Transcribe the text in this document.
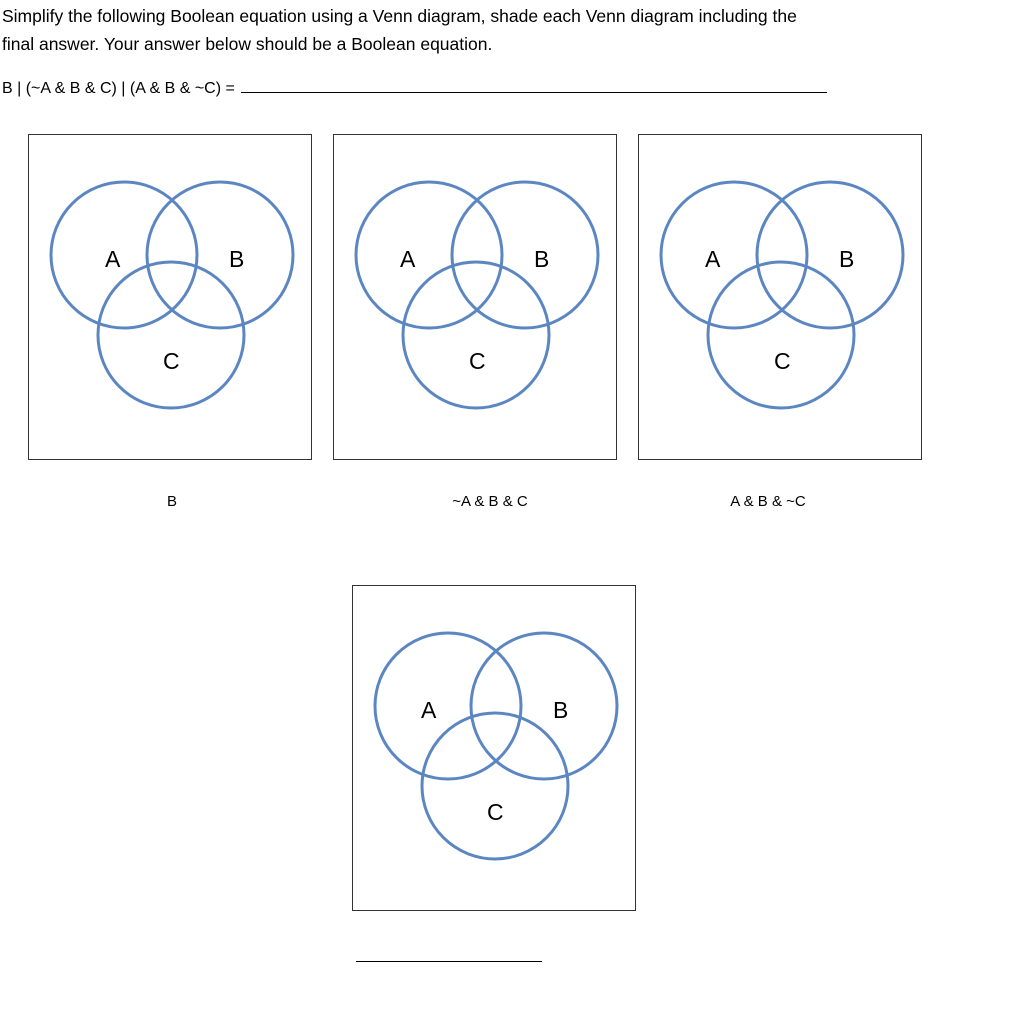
Simplify the following Boolean equation using a Venn diagram, shade each Venn diagram including the
final answer. Your answer below should be a Boolean equation.
B | (~A & B & C) | (A & B & ~C) =
A	B
C
B
A	B
C
~A & B & C
A	B
C
A & B & ~C
A	B
C
